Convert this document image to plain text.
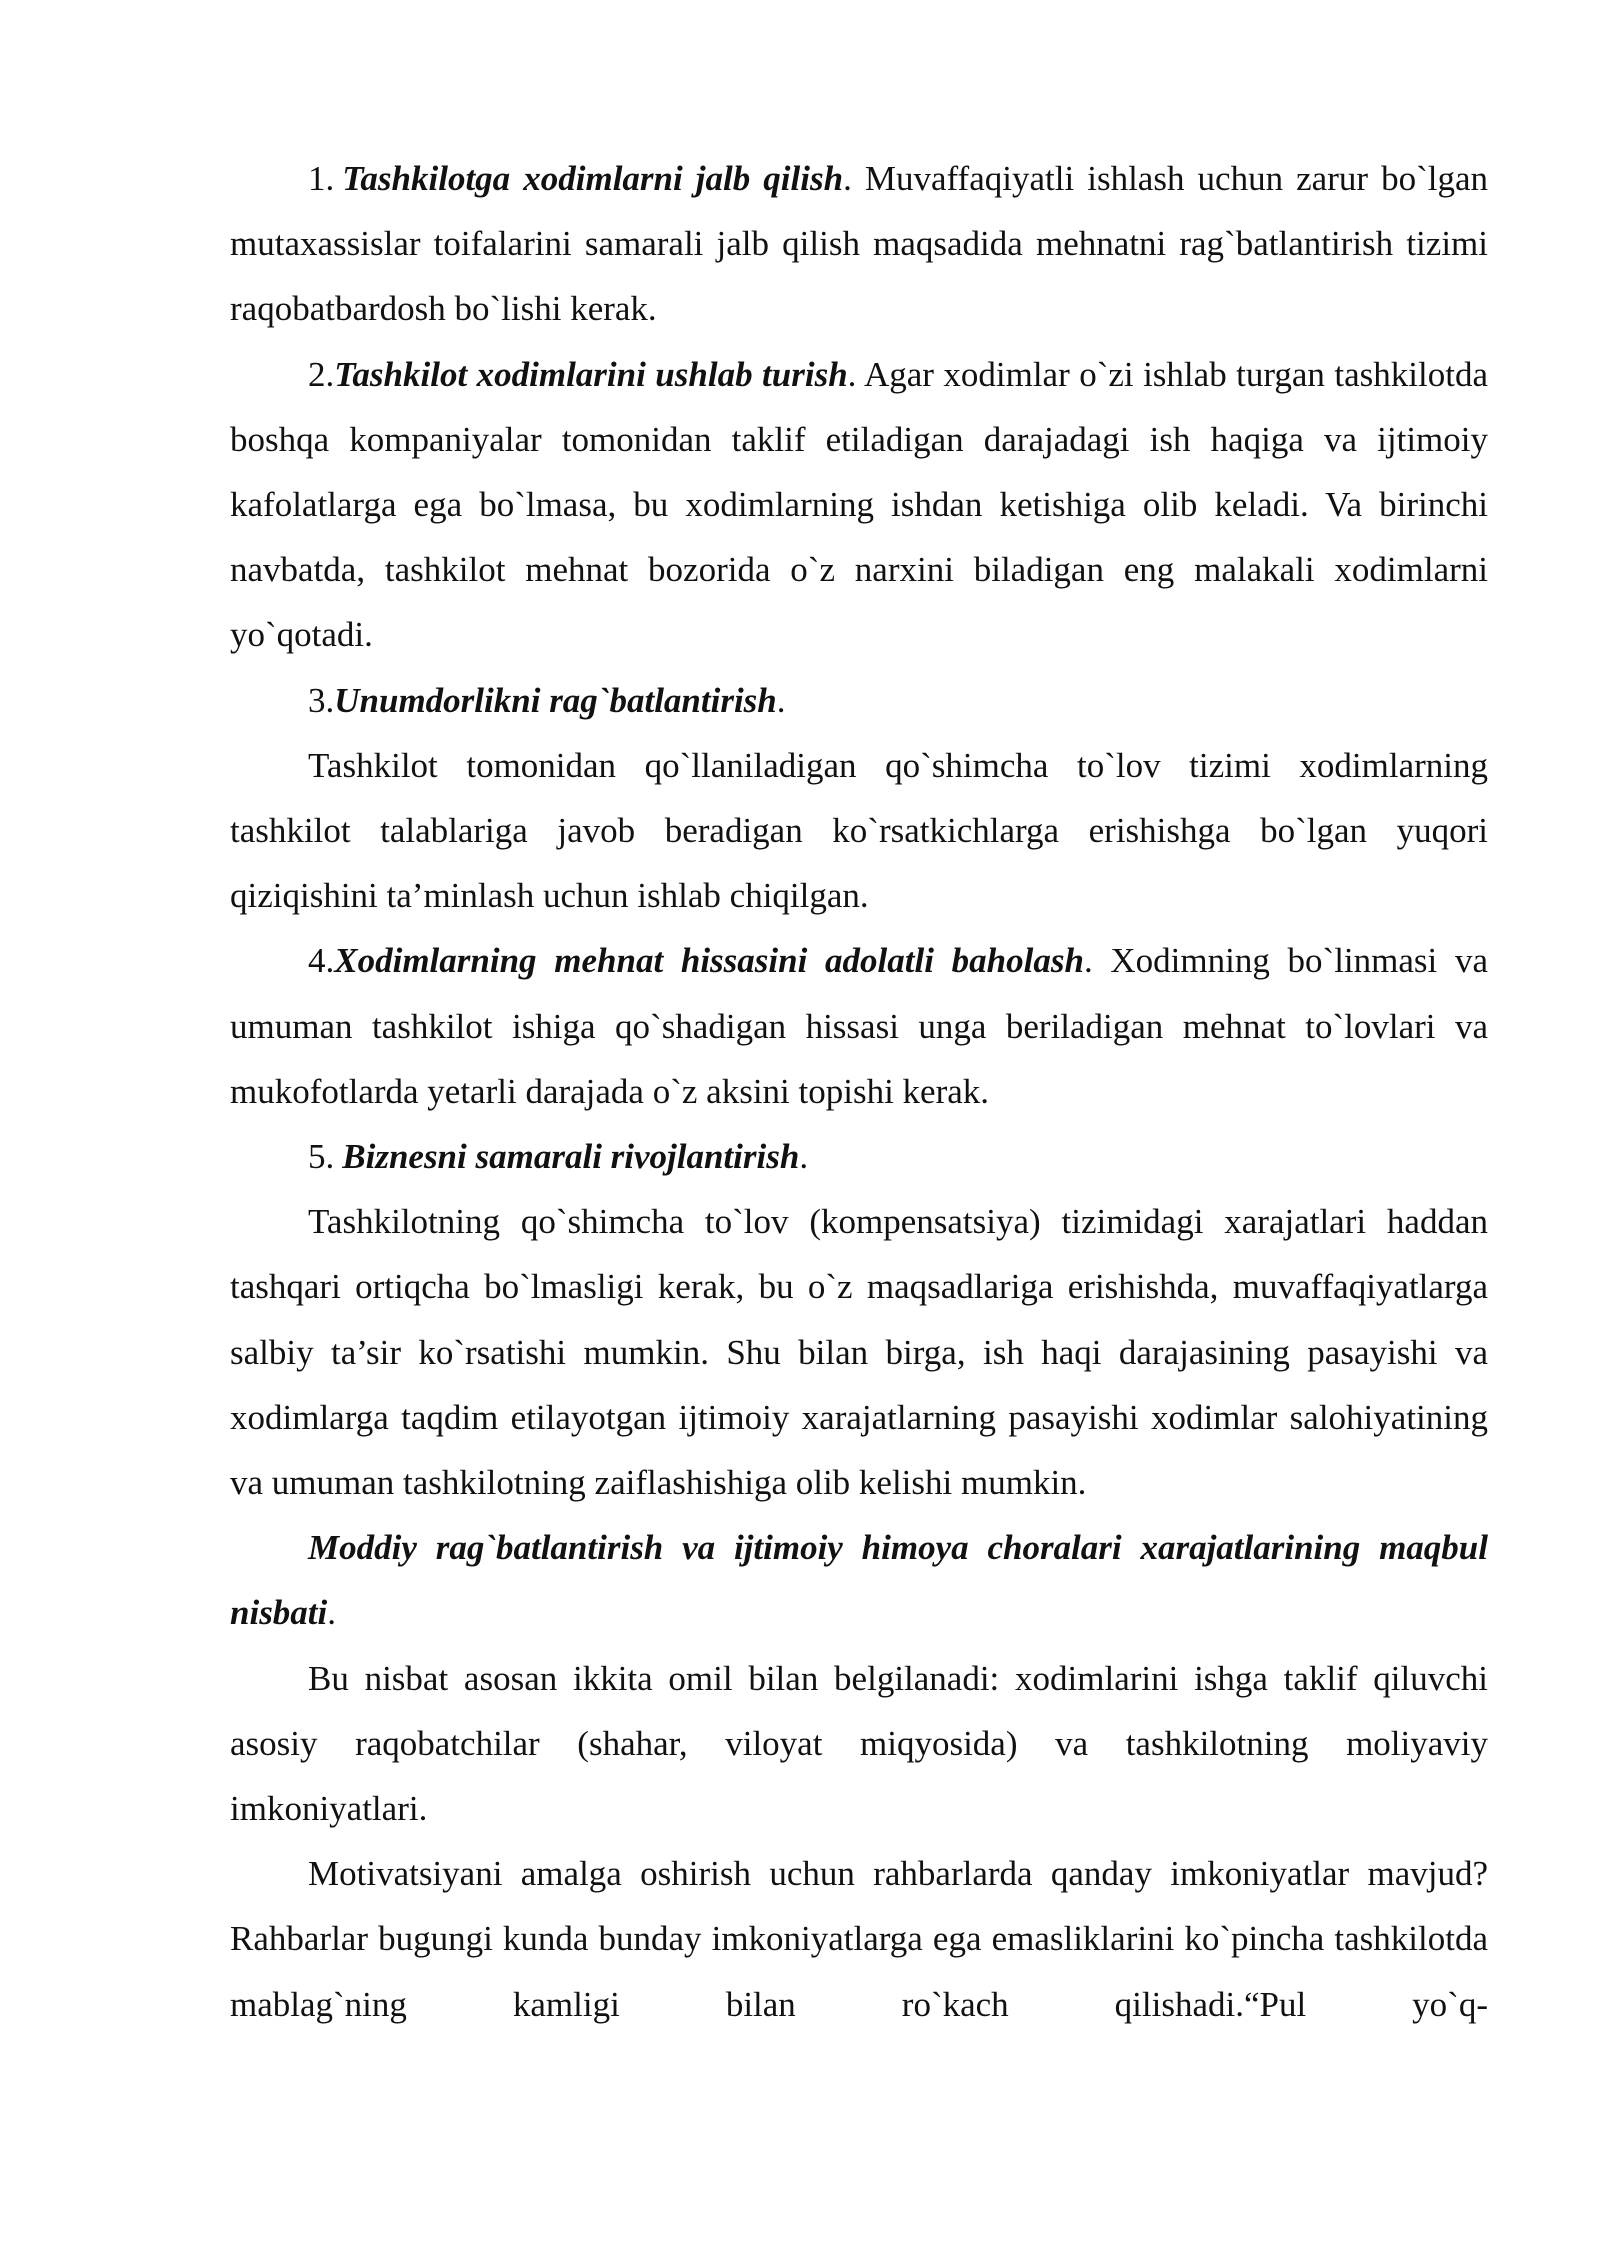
1. Tashkilotga xodimlarni jalb qilish. Muvaffaqiyatli ishlash uchun zarur bo`lgan mutaxassislar toifalarini samarali jalb qilish maqsadida mehnatni rag`batlantirish tizimi raqobatbardosh bo`lishi kerak.

2.Tashkilot xodimlarini ushlab turish. Agar xodimlar o`zi ishlab turgan tashkilotda boshqa kompaniyalar tomonidan taklif etiladigan darajadagi ish haqiga va ijtimoiy kafolatlarga ega bo`lmasa, bu xodimlarning ishdan ketishiga olib keladi. Va birinchi navbatda, tashkilot mehnat bozorida o`z narxini biladigan eng malakali xodimlarni yo`qotadi.

3.Unumdorlikni rag`batlantirish.

Tashkilot tomonidan qo`llaniladigan qo`shimcha to`lov tizimi xodimlarning tashkilot talablariga javob beradigan ko`rsatkichlarga erishishga bo`lgan yuqori qiziqishini ta’minlash uchun ishlab chiqilgan.

4.Xodimlarning mehnat hissasini adolatli baholash. Xodimning bo`linmasi va umuman tashkilot ishiga qo`shadigan hissasi unga beriladigan mehnat to`lovlari va mukofotlarda yetarli darajada o`z aksini topishi kerak.

5. Biznesni samarali rivojlantirish.

Tashkilotning qo`shimcha to`lov (kompensatsiya) tizimidagi xarajatlari haddan tashqari ortiqcha bo`lmasligi kerak, bu o`z maqsadlariga erishishda, muvaffaqiyatlarga salbiy ta’sir ko`rsatishi mumkin. Shu bilan birga, ish haqi darajasining pasayishi va xodimlarga taqdim etilayotgan ijtimoiy xarajatlarning pasayishi xodimlar salohiyatining va umuman tashkilotning zaiflashishiga olib kelishi mumkin.

Moddiy rag`batlantirish va ijtimoiy himoya choralari xarajatlarining maqbul nisbati.

Bu nisbat asosan ikkita omil bilan belgilanadi: xodimlarini ishga taklif qiluvchi asosiy raqobatchilar (shahar, viloyat miqyosida) va tashkilotning moliyaviy imkoniyatlari.

Motivatsiyani amalga oshirish uchun rahbarlarda qanday imkoniyatlar mavjud? Rahbarlar bugungi kunda bunday imkoniyatlarga ega emasliklarini ko`pincha tashkilotda mablag`ning kamligi bilan ro`kach qilishadi.“Pul yo`q-
